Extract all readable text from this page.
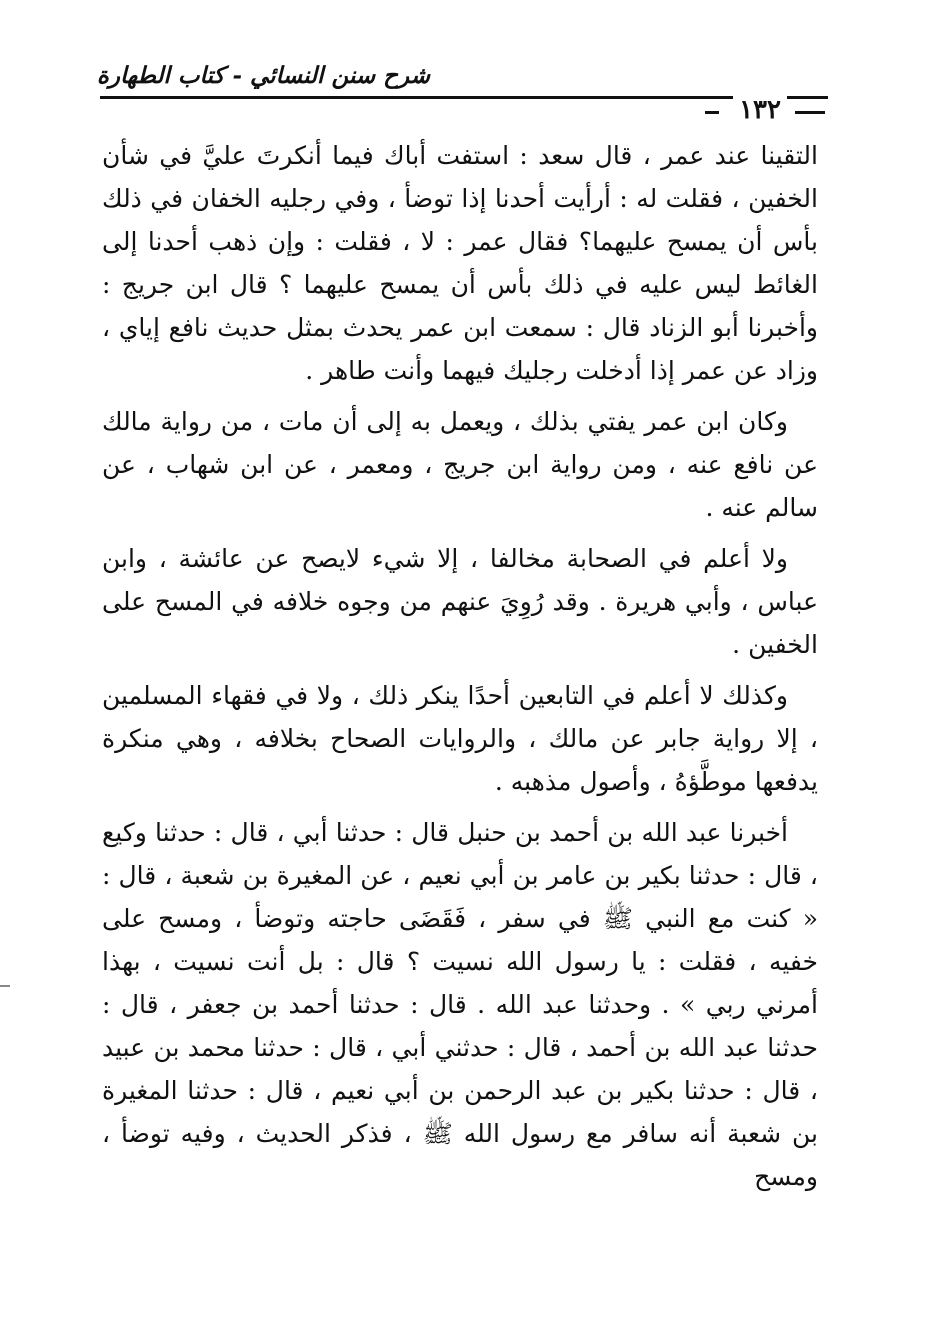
شرح سنن النسائي - كتاب الطهارة
١٣٢

التقينا عند عمر ، قال سعد : استفت أباك فيما أنكرتَ عليَّ في شأن الخفين ، فقلت له : أرأيت أحدنا إذا توضأ ، وفي رجليه الخفان في ذلك بأس أن يمسح عليهما؟ فقال عمر : لا ، فقلت : وإن ذهب أحدنا إلى الغائط ليس عليه في ذلك بأس أن يمسح عليهما ؟ قال ابن جريج : وأخبرنا أبو الزناد قال : سمعت ابن عمر يحدث بمثل حديث نافع إياي ، وزاد عن عمر إذا أدخلت رجليك فيهما وأنت طاهر .

وكان ابن عمر يفتي بذلك ، ويعمل به إلى أن مات ، من رواية مالك عن نافع عنه ، ومن رواية ابن جريج ، ومعمر ، عن ابن شهاب ، عن سالم عنه .

ولا أعلم في الصحابة مخالفا ، إلا شيء لايصح عن عائشة ، وابن عباس ، وأبي هريرة . وقد رُوِيَ عنهم من وجوه خلافه في المسح على الخفين .

وكذلك لا أعلم في التابعين أحدًا ينكر ذلك ، ولا في فقهاء المسلمين ، إلا رواية جابر عن مالك ، والروايات الصحاح بخلافه ، وهي منكرة يدفعها موطَّؤهُ ، وأصول مذهبه .

أخبرنا عبد الله بن أحمد بن حنبل قال : حدثنا أبي ، قال : حدثنا وكيع ، قال : حدثنا بكير بن عامر بن أبي نعيم ، عن المغيرة بن شعبة ، قال : « كنت مع النبي ﷺ في سفر ، فَقَضَى حاجته وتوضأ ، ومسح على خفيه ، فقلت : يا رسول الله نسيت ؟ قال : بل أنت نسيت ، بهذا أمرني ربي » . وحدثنا عبد الله . قال : حدثنا أحمد بن جعفر ، قال : حدثنا عبد الله بن أحمد ، قال : حدثني أبي ، قال : حدثنا محمد بن عبيد ، قال : حدثنا بكير بن عبد الرحمن بن أبي نعيم ، قال : حدثنا المغيرة بن شعبة أنه سافر مع رسول الله ﷺ ، فذكر الحديث ، وفيه توضأ ، ومسح
